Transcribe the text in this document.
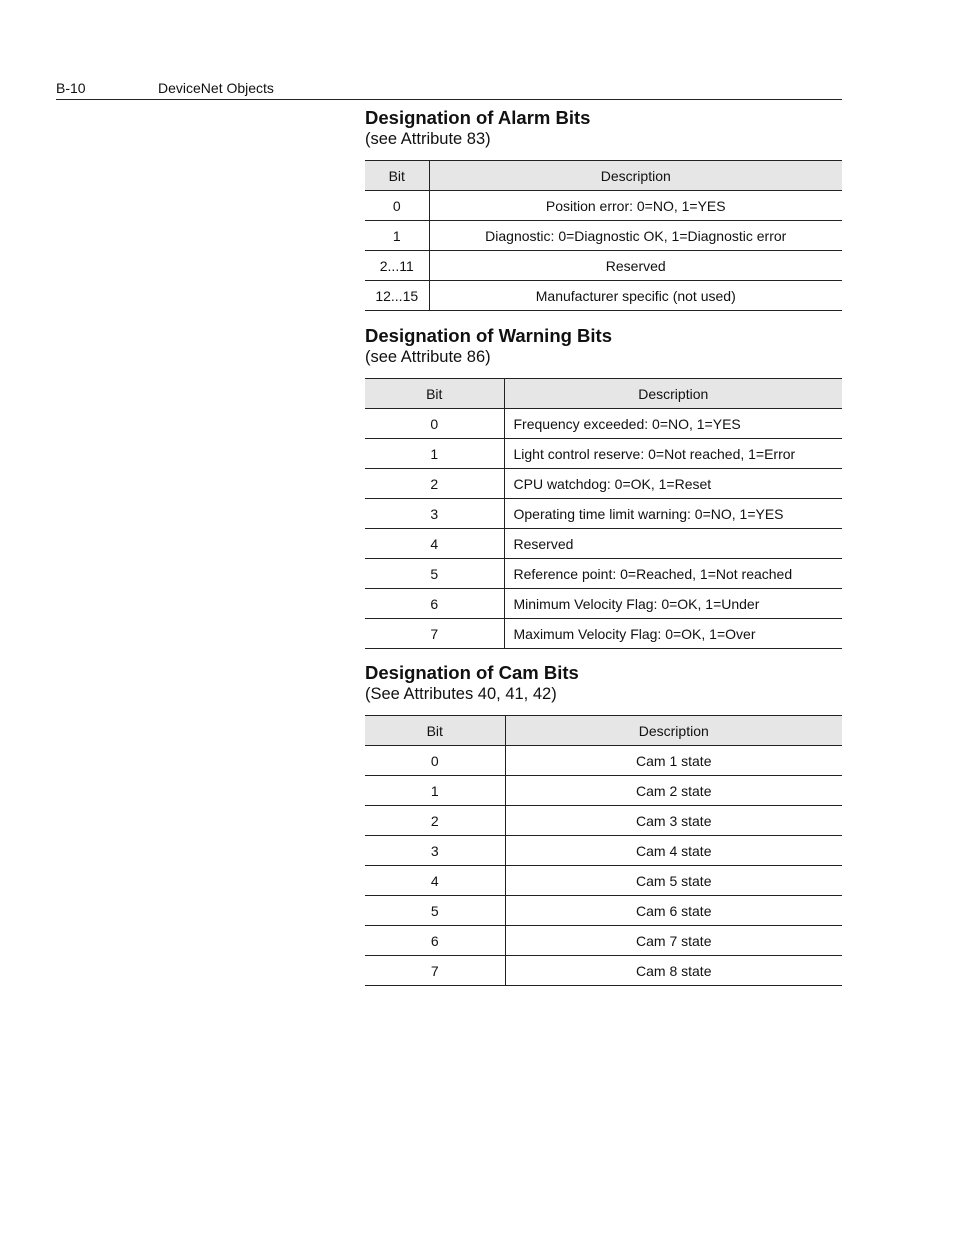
B-10	DeviceNet Objects
Designation of Alarm Bits
(see Attribute 83)
Bit	Description
0	Position error: 0=NO, 1=YES
1	Diagnostic: 0=Diagnostic OK, 1=Diagnostic error
2...11	Reserved
12...15	Manufacturer specific (not used)
Designation of Warning Bits
(see Attribute 86)
Bit	Description
0	Frequency exceeded: 0=NO, 1=YES
1	Light control reserve: 0=Not reached, 1=Error
2	CPU watchdog: 0=OK, 1=Reset
3	Operating time limit warning: 0=NO, 1=YES
4	Reserved
5	Reference point: 0=Reached, 1=Not reached
6	Minimum Velocity Flag: 0=OK, 1=Under
7	Maximum Velocity Flag: 0=OK, 1=Over
Designation of Cam Bits
(See Attributes 40, 41, 42)
Bit	Description
0	Cam 1 state
1	Cam 2 state
2	Cam 3 state
3	Cam 4 state
4	Cam 5 state
5	Cam 6 state
6	Cam 7 state
7	Cam 8 state
